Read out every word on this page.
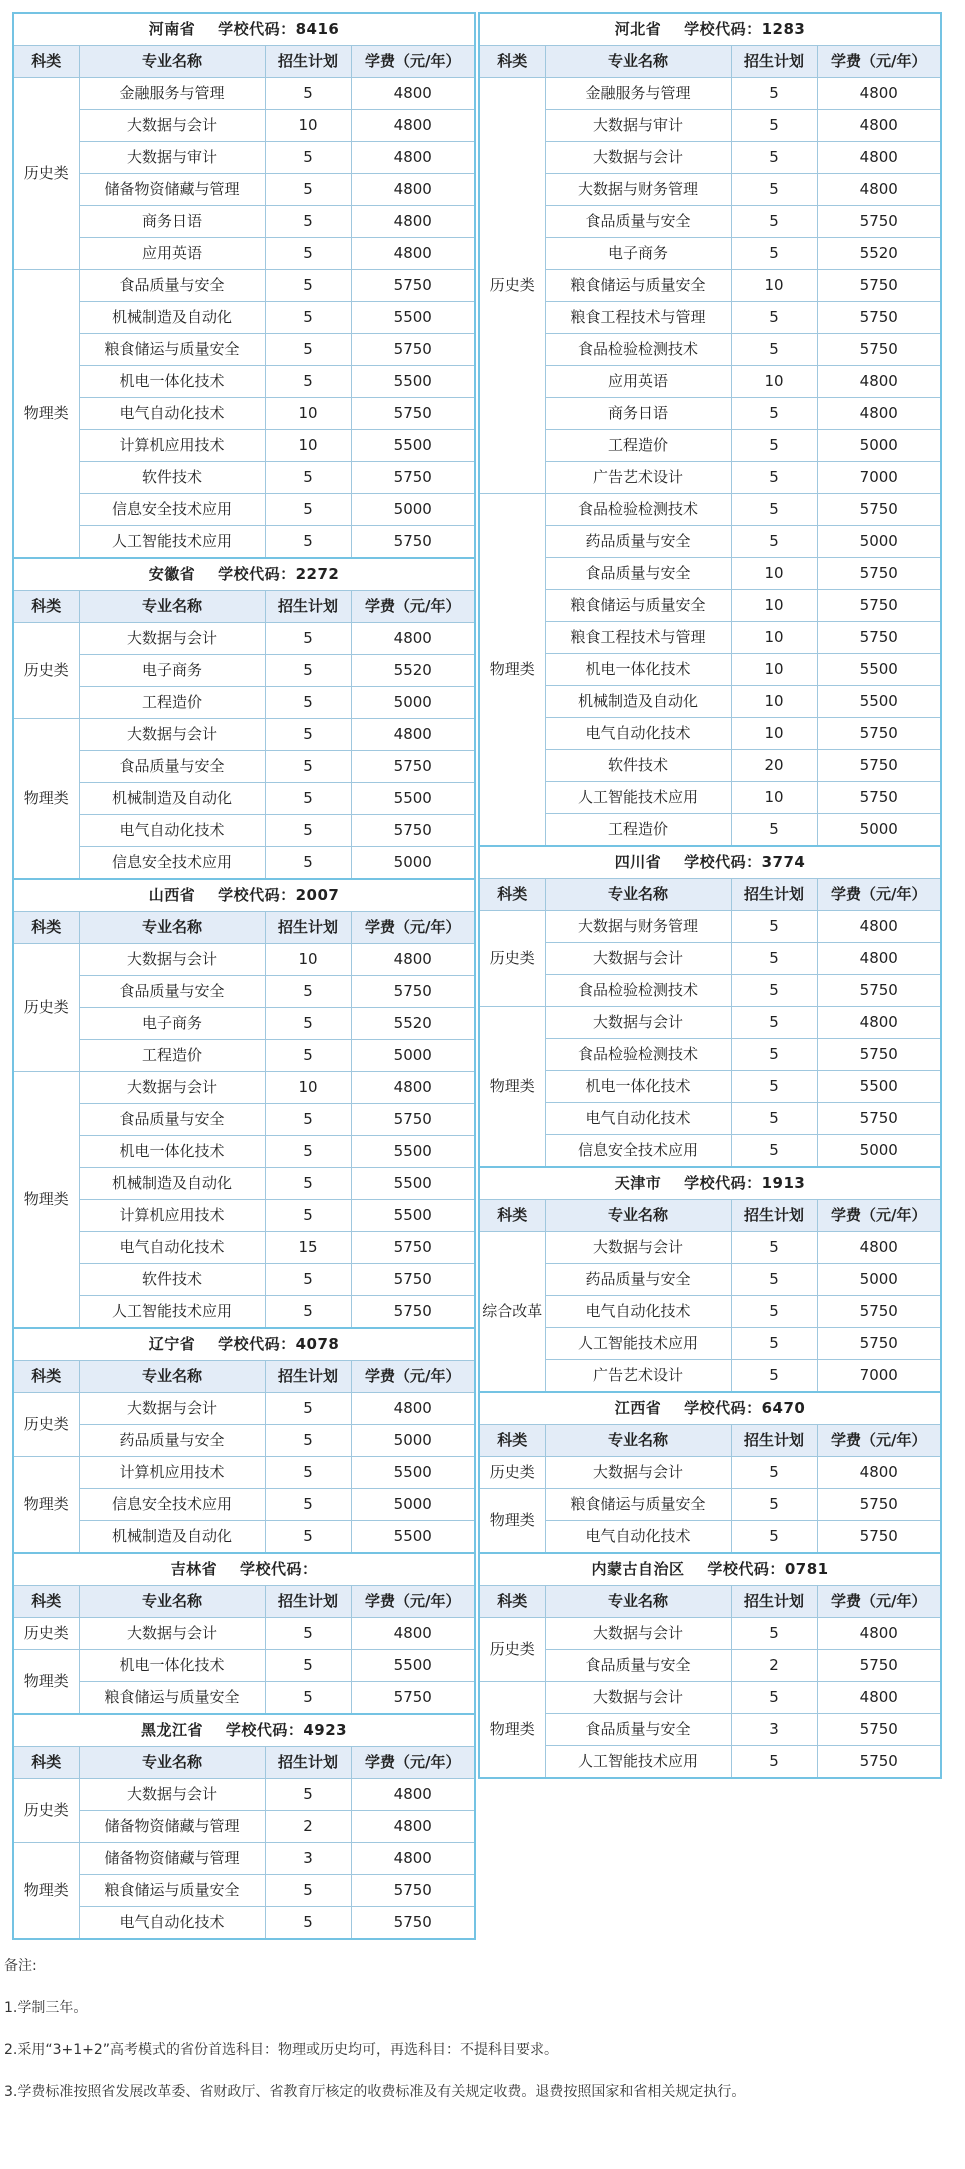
河南省 学校代码：8416			
科类	专业名称	招生计划	学费（元/年）
历史类	金融服务与管理	5	4800
	大数据与会计	10	4800
	大数据与审计	5	4800
	储备物资储藏与管理	5	4800
	商务日语	5	4800
	应用英语	5	4800
物理类	食品质量与安全	5	5750
	机械制造及自动化	5	5500
	粮食储运与质量安全	5	5750
	机电一体化技术	5	5500
	电气自动化技术	10	5750
	计算机应用技术	10	5500
	软件技术	5	5750
	信息安全技术应用	5	5000
	人工智能技术应用	5	5750
安徽省 学校代码：2272			
科类	专业名称	招生计划	学费（元/年）
历史类	大数据与会计	5	4800
	电子商务	5	5520
	工程造价	5	5000
物理类	大数据与会计	5	4800
	食品质量与安全	5	5750
	机械制造及自动化	5	5500
	电气自动化技术	5	5750
	信息安全技术应用	5	5000
山西省 学校代码：2007			
科类	专业名称	招生计划	学费（元/年）
历史类	大数据与会计	10	4800
	食品质量与安全	5	5750
	电子商务	5	5520
	工程造价	5	5000
物理类	大数据与会计	10	4800
	食品质量与安全	5	5750
	机电一体化技术	5	5500
	机械制造及自动化	5	5500
	计算机应用技术	5	5500
	电气自动化技术	15	5750
	软件技术	5	5750
	人工智能技术应用	5	5750
辽宁省 学校代码：4078			
科类	专业名称	招生计划	学费（元/年）
历史类	大数据与会计	5	4800
	药品质量与安全	5	5000
物理类	计算机应用技术	5	5500
	信息安全技术应用	5	5000
	机械制造及自动化	5	5500
吉林省 学校代码：			
科类	专业名称	招生计划	学费（元/年）
历史类	大数据与会计	5	4800
物理类	机电一体化技术	5	5500
	粮食储运与质量安全	5	5750
黑龙江省 学校代码：4923			
科类	专业名称	招生计划	学费（元/年）
历史类	大数据与会计	5	4800
	储备物资储藏与管理	2	4800
物理类	储备物资储藏与管理	3	4800
	粮食储运与质量安全	5	5750
	电气自动化技术	5	5750
河北省 学校代码：1283			
科类	专业名称	招生计划	学费（元/年）
历史类	金融服务与管理	5	4800
	大数据与审计	5	4800
	大数据与会计	5	4800
	大数据与财务管理	5	4800
	食品质量与安全	5	5750
	电子商务	5	5520
	粮食储运与质量安全	10	5750
	粮食工程技术与管理	5	5750
	食品检验检测技术	5	5750
	应用英语	10	4800
	商务日语	5	4800
	工程造价	5	5000
	广告艺术设计	5	7000
物理类	食品检验检测技术	5	5750
	药品质量与安全	5	5000
	食品质量与安全	10	5750
	粮食储运与质量安全	10	5750
	粮食工程技术与管理	10	5750
	机电一体化技术	10	5500
	机械制造及自动化	10	5500
	电气自动化技术	10	5750
	软件技术	20	5750
	人工智能技术应用	10	5750
	工程造价	5	5000
四川省 学校代码：3774			
科类	专业名称	招生计划	学费（元/年）
历史类	大数据与财务管理	5	4800
	大数据与会计	5	4800
	食品检验检测技术	5	5750
物理类	大数据与会计	5	4800
	食品检验检测技术	5	5750
	机电一体化技术	5	5500
	电气自动化技术	5	5750
	信息安全技术应用	5	5000
天津市 学校代码：1913			
科类	专业名称	招生计划	学费（元/年）
综合改革	大数据与会计	5	4800
	药品质量与安全	5	5000
	电气自动化技术	5	5750
	人工智能技术应用	5	5750
	广告艺术设计	5	7000
江西省 学校代码：6470			
科类	专业名称	招生计划	学费（元/年）
历史类	大数据与会计	5	4800
物理类	粮食储运与质量安全	5	5750
	电气自动化技术	5	5750
内蒙古自治区 学校代码：0781			
科类	专业名称	招生计划	学费（元/年）
历史类	大数据与会计	5	4800
	食品质量与安全	2	5750
物理类	大数据与会计	5	4800
	食品质量与安全	3	5750
	人工智能技术应用	5	5750

备注:

1.学制三年。

2.采用“3+1+2”高考模式的省份首选科目：物理或历史均可，再选科目：不提科目要求。

3.学费标准按照省发展改革委、省财政厅、省教育厅核定的收费标准及有关规定收费。退费按照国家和省相关规定执行。
